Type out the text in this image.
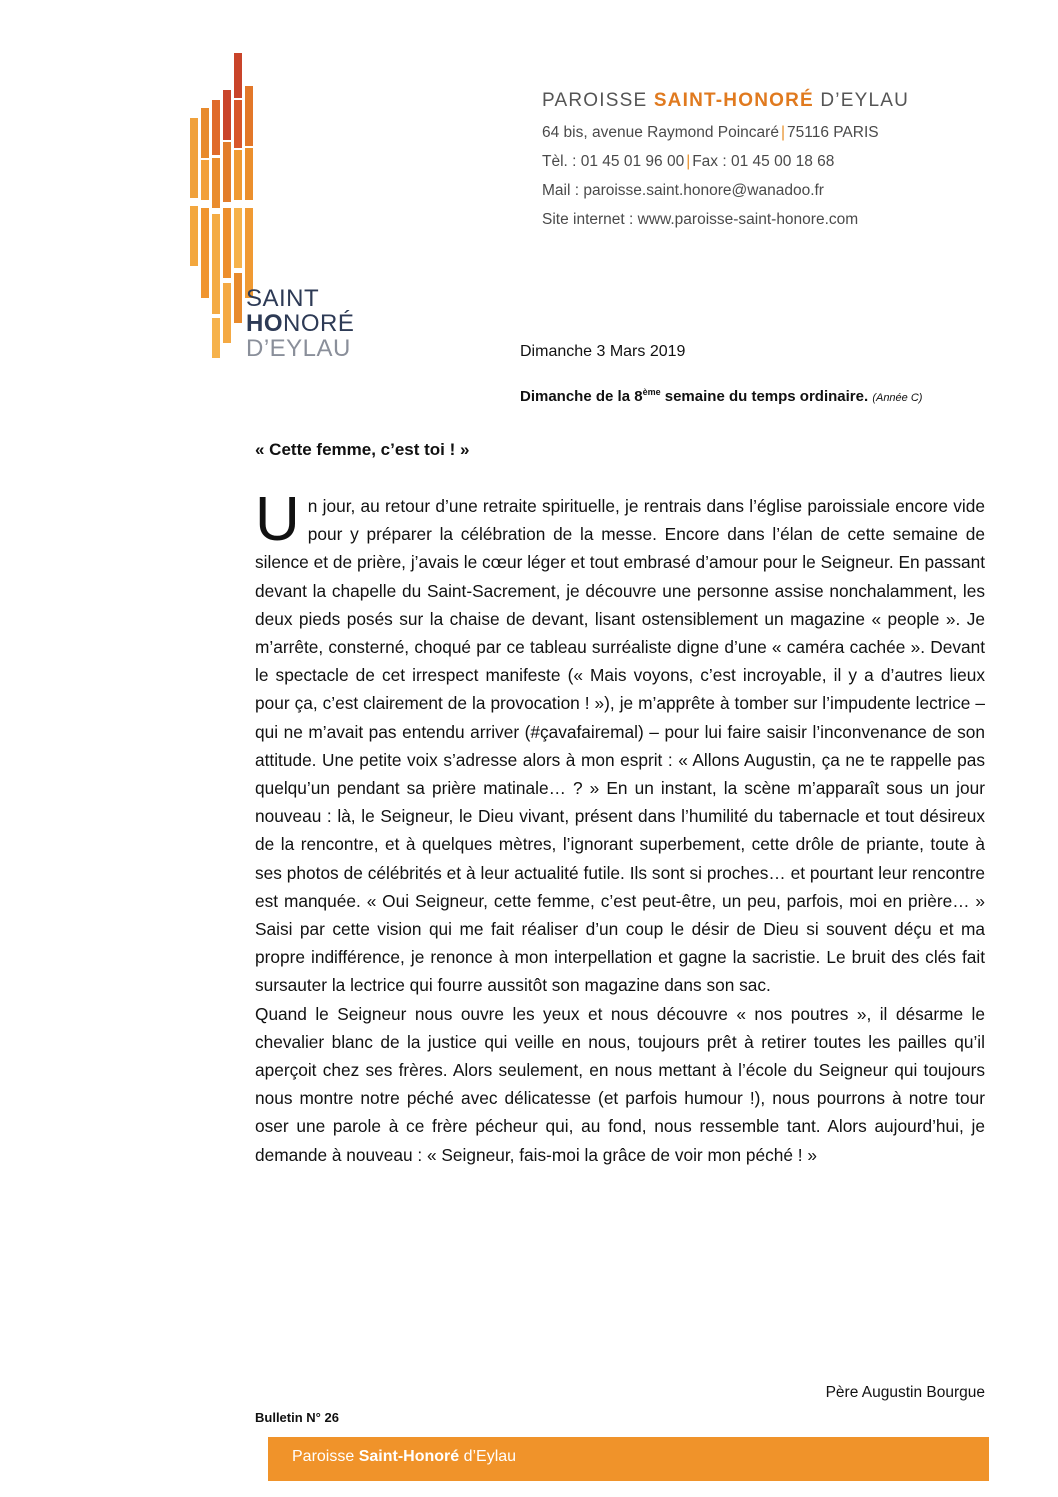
SAINT
HONORÉ
D’EYLAU
PAROISSE SAINT-HONORÉ D’EYLAU
64 bis, avenue Raymond Poincaré | 75116 PARIS
Tèl. : 01 45 01 96 00 | Fax : 01 45 00 18 68
Mail : paroisse.saint.honore@wanadoo.fr
Site internet : www.paroisse-saint-honore.com
Dimanche 3 Mars 2019
Dimanche de la 8ème semaine du temps ordinaire. (Année C)
« Cette femme, c’est toi ! »

Un jour, au retour d’une retraite spirituelle, je rentrais dans l’église paroissiale encore vide pour y préparer la célébration de la messe. Encore dans l’élan de cette semaine de silence et de prière, j’avais le cœur léger et tout embrasé d’amour pour le Seigneur. En passant devant la chapelle du Saint-Sacrement, je découvre une personne assise nonchalamment, les deux pieds posés sur la chaise de devant, lisant ostensiblement un magazine « people ». Je m’arrête, consterné, choqué par ce tableau surréaliste digne d’une « caméra cachée ». Devant le spectacle de cet irrespect manifeste (« Mais voyons, c’est incroyable, il y a d’autres lieux pour ça, c’est clairement de la provocation ! »), je m’apprête à tomber sur l’impudente lectrice – qui ne m’avait pas entendu arriver (#çavafairemal) – pour lui faire saisir l’inconvenance de son attitude. Une petite voix s’adresse alors à mon esprit : « Allons Augustin, ça ne te rappelle pas quelqu’un pendant sa prière matinale… ? » En un instant, la scène m’apparaît sous un jour nouveau : là, le Seigneur, le Dieu vivant, présent dans l’humilité du tabernacle et tout désireux de la rencontre, et à quelques mètres, l’ignorant superbement, cette drôle de priante, toute à ses photos de célébrités et à leur actualité futile. Ils sont si proches… et pourtant leur rencontre est manquée. « Oui Seigneur, cette femme, c’est peut-être, un peu, parfois, moi en prière… » Saisi par cette vision qui me fait réaliser d’un coup le désir de Dieu si souvent déçu et ma propre indifférence, je renonce à mon interpellation et gagne la sacristie. Le bruit des clés fait sursauter la lectrice qui fourre aussitôt son magazine dans son sac.

Quand le Seigneur nous ouvre les yeux et nous découvre « nos poutres », il désarme le chevalier blanc de la justice qui veille en nous, toujours prêt à retirer toutes les pailles qu’il aperçoit chez ses frères. Alors seulement, en nous mettant à l’école du Seigneur qui toujours nous montre notre péché avec délicatesse (et parfois humour !), nous pourrons à notre tour oser une parole à ce frère pécheur qui, au fond, nous ressemble tant. Alors aujourd’hui, je demande à nouveau : « Seigneur, fais-moi la grâce de voir mon péché ! »

Père Augustin Bourgue
Bulletin N° 26
Paroisse Saint-Honoré d’Eylau
